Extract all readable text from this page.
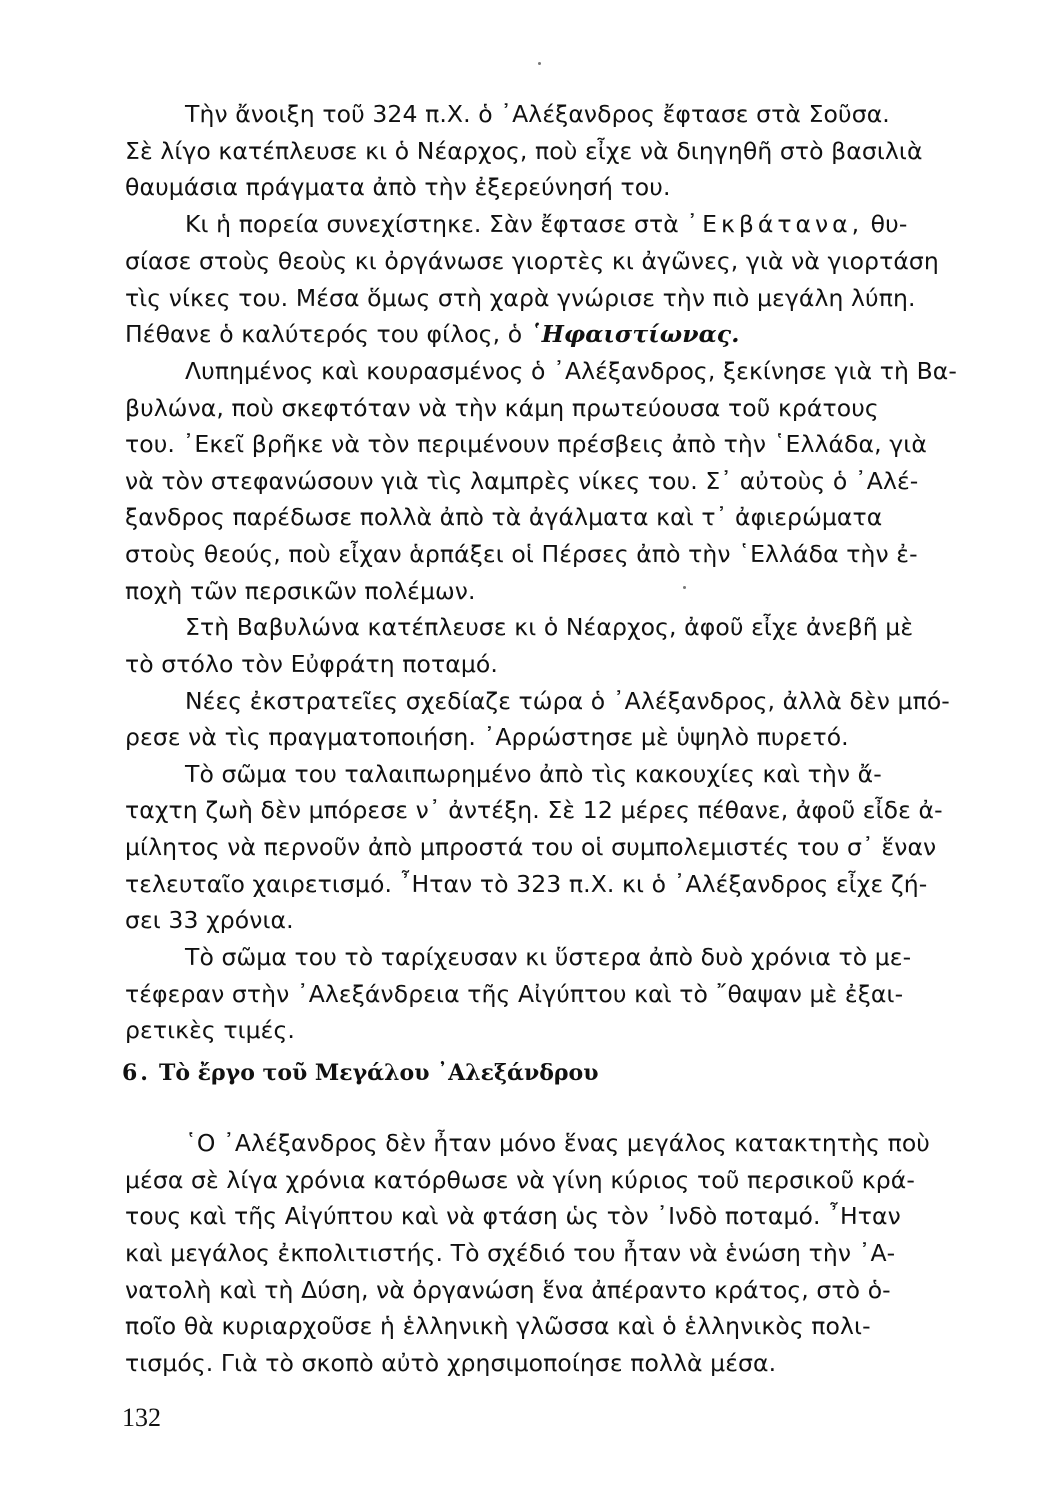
Τὴν ἄνοιξη τοῦ 324 π.Χ. ὁ ᾿Αλέξανδρος ἔφτασε στὰ Σοῦσα.
Σὲ λίγο κατέπλευσε κι ὁ Νέαρχος, ποὺ εἶχε νὰ διηγηθῆ στὸ βασιλιὰ
θαυμάσια πράγματα ἀπὸ τὴν ἐξερεύνησή του.
Κι ἡ πορεία συνεχίστηκε. Σὰν ἔφτασε στὰ ᾿Εκβάτανα, θυ-
σίασε στοὺς θεοὺς κι ὀργάνωσε γιορτὲς κι ἀγῶνες, γιὰ νὰ γιορτάση
τὶς νίκες του. Μέσα ὅμως στὴ χαρὰ γνώρισε τὴν πιὸ μεγάλη λύπη.
Πέθανε ὁ καλύτερός του φίλος, ὁ ῾Ηφαιστίωνας.
Λυπημένος καὶ κουρασμένος ὁ ᾿Αλέξανδρος, ξεκίνησε γιὰ τὴ Βα-
βυλώνα, ποὺ σκεφτόταν νὰ τὴν κάμη πρωτεύουσα τοῦ κράτους
του. ᾿Εκεῖ βρῆκε νὰ τὸν περιμένουν πρέσβεις ἀπὸ τὴν ῾Ελλάδα, γιὰ
νὰ τὸν στεφανώσουν γιὰ τὶς λαμπρὲς νίκες του. Σ᾿ αὐτοὺς ὁ ᾿Αλέ-
ξανδρος παρέδωσε πολλὰ ἀπὸ τὰ ἀγάλματα καὶ τ᾿ ἀφιερώματα
στοὺς θεούς, ποὺ εἶχαν ἁρπάξει οἱ Πέρσες ἀπὸ τὴν ῾Ελλάδα τὴν ἐ-
ποχὴ τῶν περσικῶν πολέμων.
Στὴ Βαβυλώνα κατέπλευσε κι ὁ Νέαρχος, ἀφοῦ εἶχε ἀνεβῆ μὲ
τὸ στόλο τὸν Εὐφράτη ποταμό.
Νέες ἐκστρατεῖες σχεδίαζε τώρα ὁ ᾿Αλέξανδρος, ἀλλὰ δὲν μπό-
ρεσε νὰ τὶς πραγματοποιήση. ᾿Αρρώστησε μὲ ὑψηλὸ πυρετό.
Τὸ σῶμα του ταλαιπωρημένο ἀπὸ τὶς κακουχίες καὶ τὴν ἄ-
ταχτη ζωὴ δὲν μπόρεσε ν᾿ ἀντέξη. Σὲ 12 μέρες πέθανε, ἀφοῦ εἶδε ἀ-
μίλητος νὰ περνοῦν ἀπὸ μπροστά του οἱ συμπολεμιστές του σ᾿ ἕναν
τελευταῖο χαιρετισμό. ῏Ηταν τὸ 323 π.Χ. κι ὁ ᾿Αλέξανδρος εἶχε ζή-
σει 33 χρόνια.
Τὸ σῶμα του τὸ ταρίχευσαν κι ὕστερα ἀπὸ δυὸ χρόνια τὸ με-
τέφεραν στὴν ᾿Αλεξάνδρεια τῆς Αἰγύπτου καὶ τὸ ῎θαψαν μὲ ἐξαι-
ρετικὲς τιμές.
6. Τὸ ἔργο τοῦ Μεγάλου ᾿Αλεξάνδρου
῾Ο ᾿Αλέξανδρος δὲν ἦταν μόνο ἕνας μεγάλος κατακτητὴς ποὺ
μέσα σὲ λίγα χρόνια κατόρθωσε νὰ γίνη κύριος τοῦ περσικοῦ κρά-
τους καὶ τῆς Αἰγύπτου καὶ νὰ φτάση ὡς τὸν ᾿Ινδὸ ποταμό. ῏Ηταν
καὶ μεγάλος ἐκπολιτιστής. Τὸ σχέδιό του ἦταν νὰ ἑνώση τὴν ᾿Α-
νατολὴ καὶ τὴ Δύση, νὰ ὀργανώση ἕνα ἀπέραντο κράτος, στὸ ὁ-
ποῖο θὰ κυριαρχοῦσε ἡ ἑλληνικὴ γλῶσσα καὶ ὁ ἑλληνικὸς πολι-
τισμός. Γιὰ τὸ σκοπὸ αὐτὸ χρησιμοποίησε πολλὰ μέσα.
132
